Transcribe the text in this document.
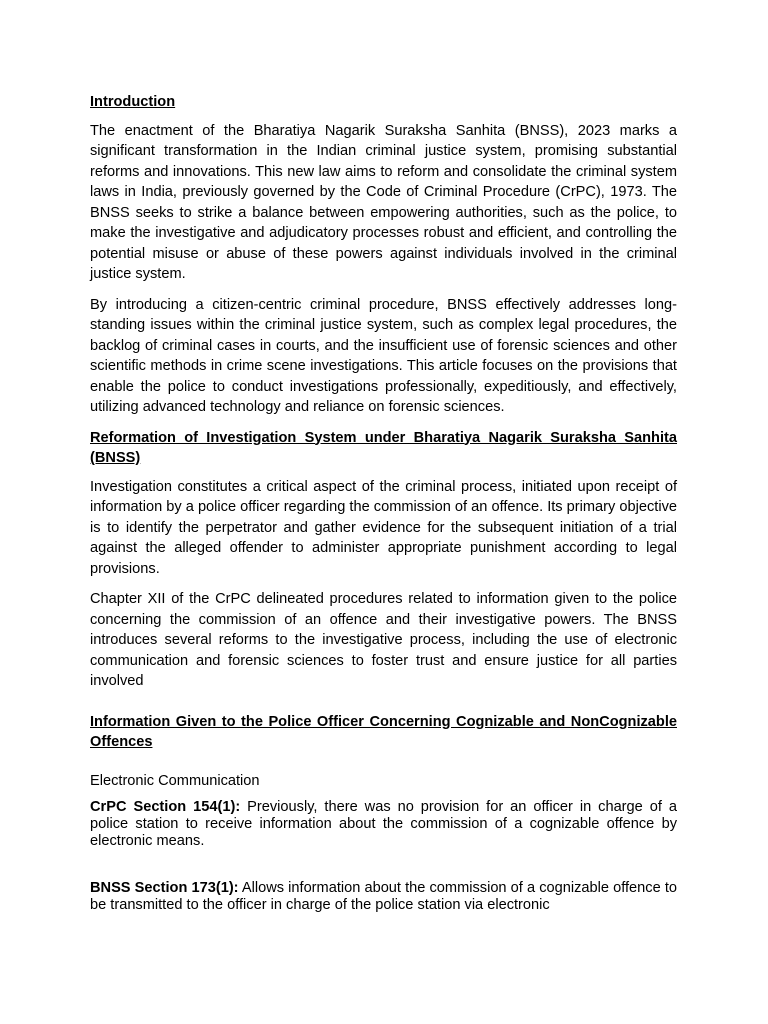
Introduction

The enactment of the Bharatiya Nagarik Suraksha Sanhita (BNSS), 2023 marks a significant transformation in the Indian criminal justice system, promising substantial reforms and innovations. This new law aims to reform and consolidate the criminal system laws in India, previously governed by the Code of Criminal Procedure (CrPC), 1973. The BNSS seeks to strike a balance between empowering authorities, such as the police, to make the investigative and adjudicatory processes robust and efficient, and controlling the potential misuse or abuse of these powers against individuals involved in the criminal justice system.

By introducing a citizen-centric criminal procedure, BNSS effectively addresses long-standing issues within the criminal justice system, such as complex legal procedures, the backlog of criminal cases in courts, and the insufficient use of forensic sciences and other scientific methods in crime scene investigations. This article focuses on the provisions that enable the police to conduct investigations professionally, expeditiously, and effectively, utilizing advanced technology and reliance on forensic sciences.

Reformation of Investigation System under Bharatiya Nagarik Suraksha Sanhita (BNSS)

Investigation constitutes a critical aspect of the criminal process, initiated upon receipt of information by a police officer regarding the commission of an offence. Its primary objective is to identify the perpetrator and gather evidence for the subsequent initiation of a trial against the alleged offender to administer appropriate punishment according to legal provisions.

Chapter XII of the CrPC delineated procedures related to information given to the police concerning the commission of an offence and their investigative powers. The BNSS introduces several reforms to the investigative process, including the use of electronic communication and forensic sciences to foster trust and ensure justice for all parties involved

Information Given to the Police Officer Concerning Cognizable and NonCognizable Offences
Electronic Communication

CrPC Section 154(1): Previously, there was no provision for an officer in charge of a police station to receive information about the commission of a cognizable offence by electronic means.

BNSS Section 173(1): Allows information about the commission of a cognizable offence to be transmitted to the officer in charge of the police station via electronic
